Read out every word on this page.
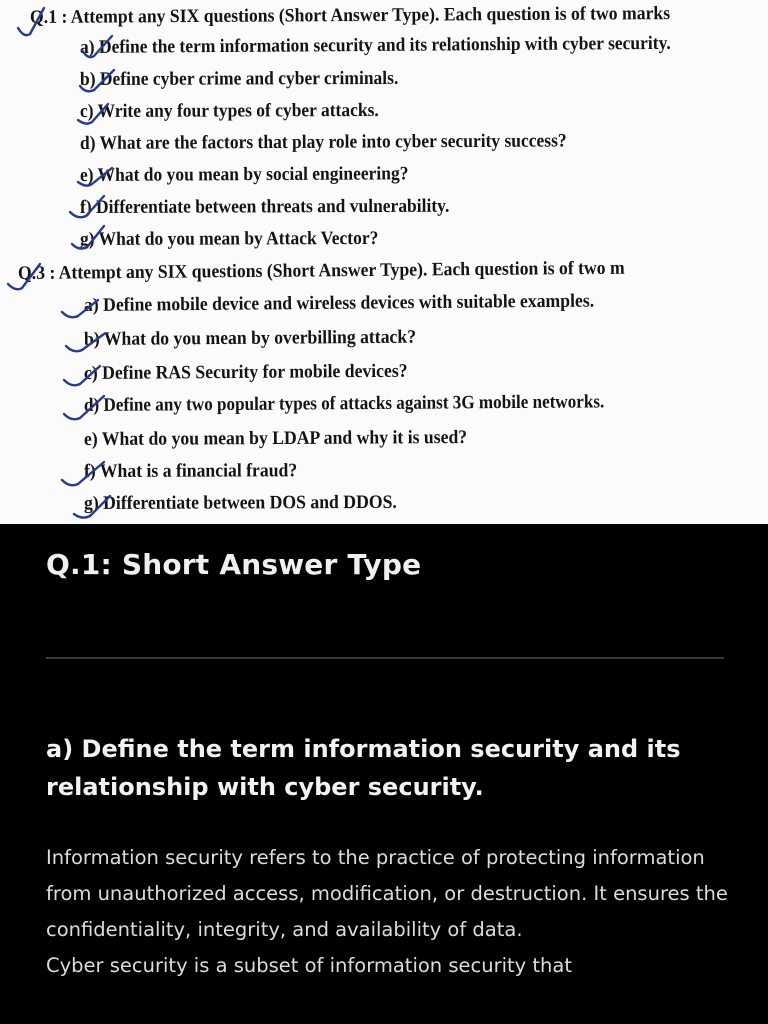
Q.1 : Attempt any SIX questions (Short Answer Type). Each question is of two marks
a) Define the term information security and its relationship with cyber security.
b) Define cyber crime and cyber criminals.
c) Write any four types of cyber attacks.
d) What are the factors that play role into cyber security success?
e) What do you mean by social engineering?
f) Differentiate between threats and vulnerability.
g) What do you mean by Attack Vector?
Q.3 : Attempt any SIX questions (Short Answer Type). Each question is of two m
a) Define mobile device and wireless devices with suitable examples.
b) What do you mean by overbilling attack?
c) Define RAS Security for mobile devices?
d) Define any two popular types of attacks against 3G mobile networks.
e) What do you mean by LDAP and why it is used?
f) What is a financial fraud?
g) Differentiate between DOS and DDOS.
Q.1: Short Answer Type
a) Define the term information security and its relationship with cyber security.

Information security refers to the practice of protecting information from unauthorized access, modification, or destruction. It ensures the confidentiality, integrity, and availability of data.

Cyber security is a subset of information security that
